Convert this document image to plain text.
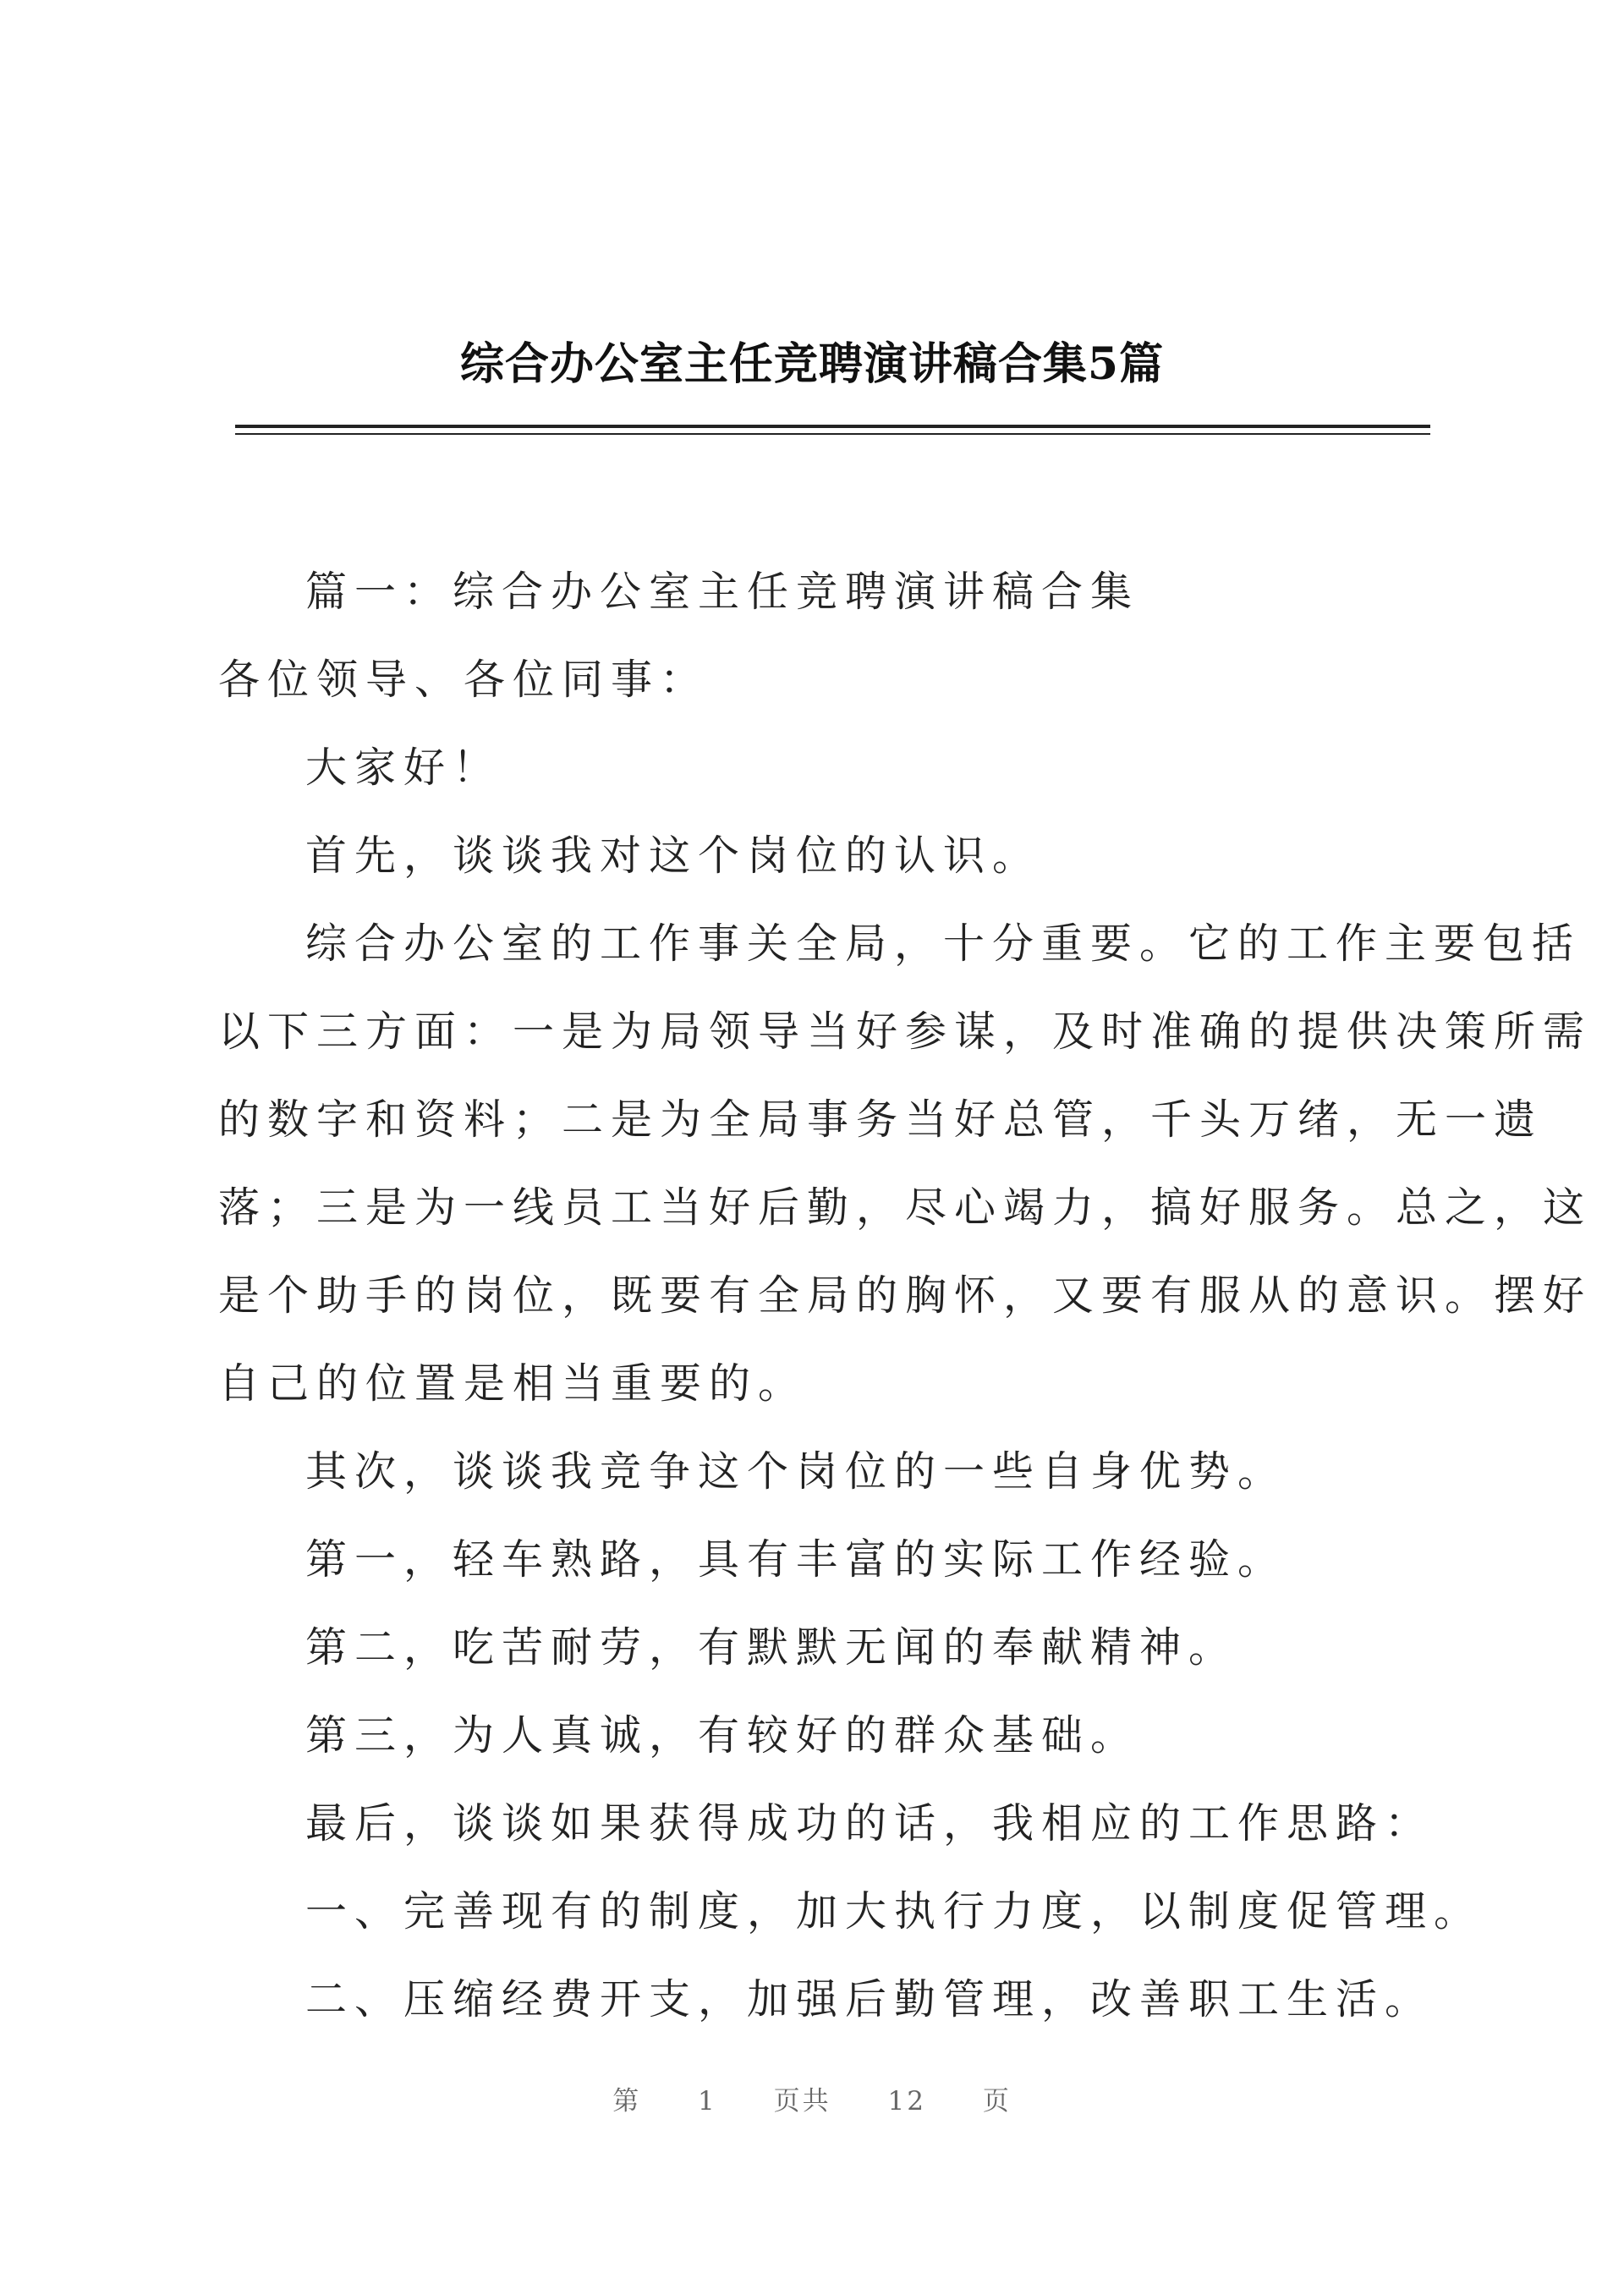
综合办公室主任竞聘演讲稿合集5篇
篇一：综合办公室主任竞聘演讲稿合集
各位领导、各位同事：
大家好！
首先，谈谈我对这个岗位的认识。
综合办公室的工作事关全局，十分重要。它的工作主要包括
以下三方面：一是为局领导当好参谋，及时准确的提供决策所需
的数字和资料；二是为全局事务当好总管，千头万绪，无一遗
落；三是为一线员工当好后勤，尽心竭力，搞好服务。总之，这
是个助手的岗位，既要有全局的胸怀，又要有服从的意识。摆好
自己的位置是相当重要的。
其次，谈谈我竞争这个岗位的一些自身优势。
第一，轻车熟路，具有丰富的实际工作经验。
第二，吃苦耐劳，有默默无闻的奉献精神。
第三，为人真诚，有较好的群众基础。
最后，谈谈如果获得成功的话，我相应的工作思路：
一、完善现有的制度，加大执行力度，以制度促管理。
二、压缩经费开支，加强后勤管理，改善职工生活。
第 1 页共 12 页
